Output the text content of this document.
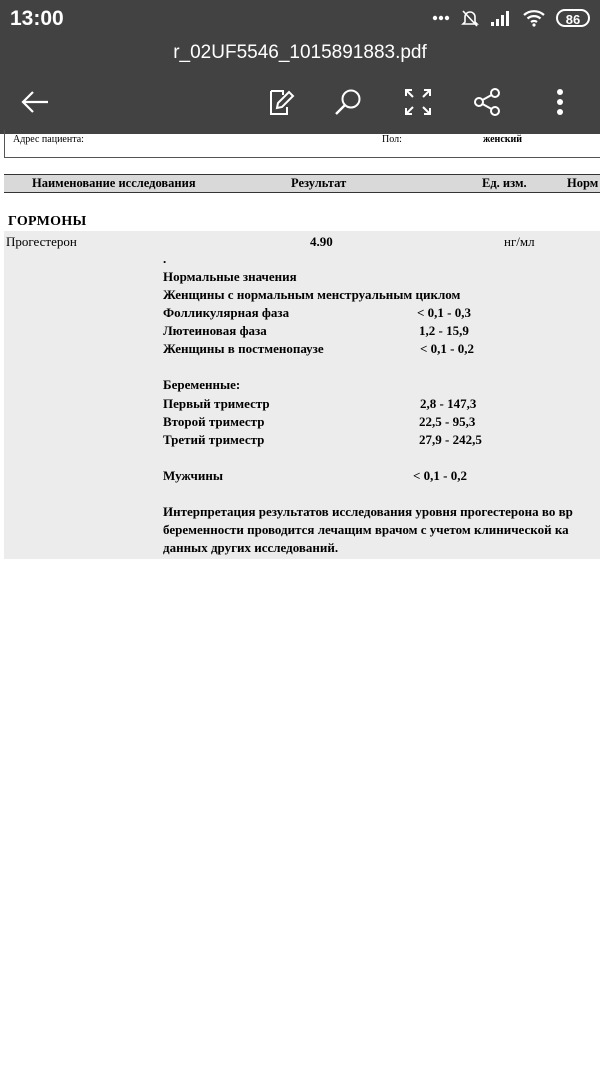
13:00	86
r_02UF5546_1015891883.pdf
Адрес пациента:	Пол:	женский
Наименование исследования	Результат	Ед. изм.	Норм
ГОРМОНЫ
Прогестерон	4.90	нг/мл
.
Нормальные значения
Женщины с нормальным менструальным циклом
Фолликулярная фаза	< 0,1 - 0,3
Лютеиновая фаза	1,2 - 15,9
Женщины в постменопаузе	< 0,1 - 0,2
Беременные:
Первый триместр	2,8 - 147,3
Второй триместр	22,5 - 95,3
Третий триместр	27,9 - 242,5
Мужчины	< 0,1 - 0,2
Интерпретация результатов исследования уровня прогестерона во вр
беременности проводится лечащим врачом с учетом клинической ка
данных других исследований.
